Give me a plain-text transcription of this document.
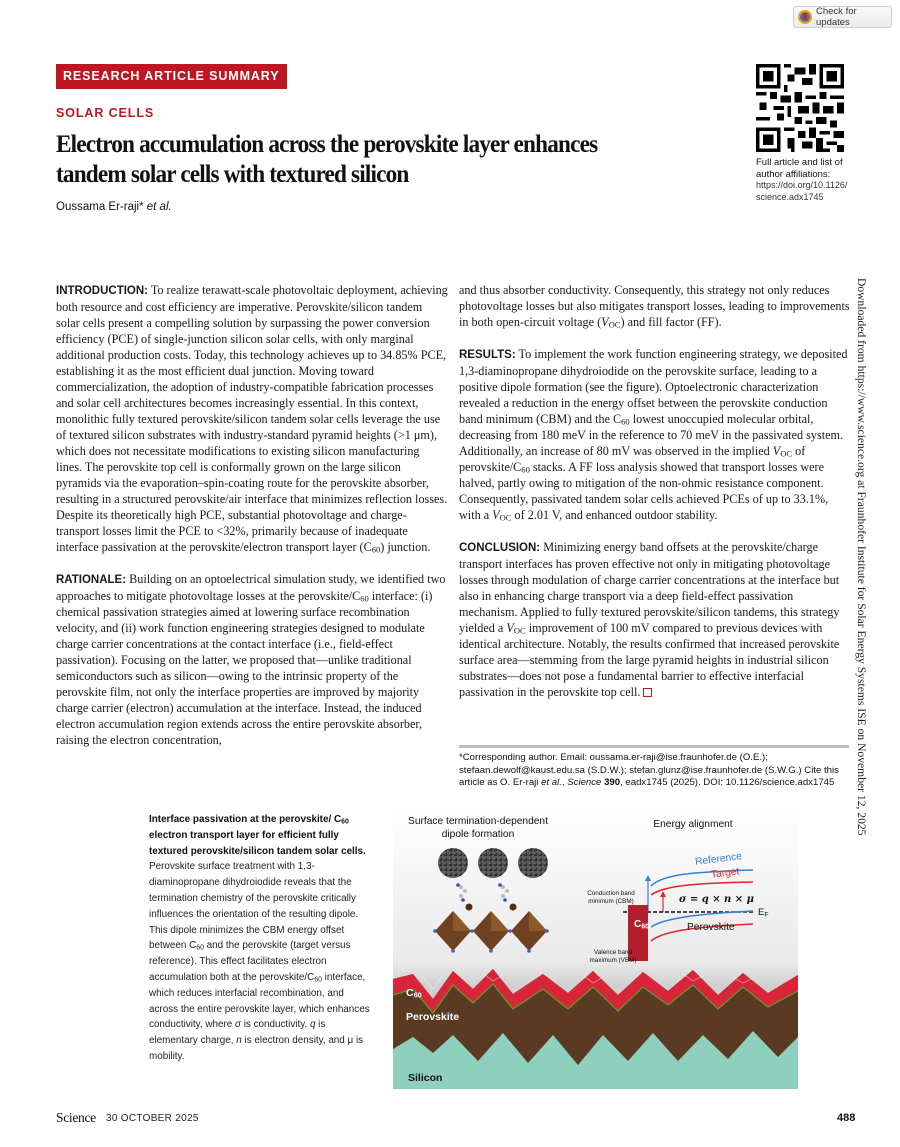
Check for updates
RESEARCH ARTICLE SUMMARY
SOLAR CELLS
Electron accumulation across the perovskite layer enhances tandem solar cells with textured silicon
Oussama Er-raji* et al.
Full article and list of author affiliations:
https://doi.org/10.1126/
science.adx1745

INTRODUCTION: To realize terawatt-scale photovoltaic deployment, achieving both resource and cost efficiency are imperative. Perovskite/silicon tandem solar cells present a compelling solution by surpassing the power conversion efficiency (PCE) of single-junction silicon solar cells, with only marginal additional production costs. Today, this technology achieves up to 34.85% PCE, establishing it as the most efficient dual junction. Moving toward commercialization, the adoption of industry-compatible fabrication processes and solar cell architectures becomes increasingly essential. In this context, monolithic fully textured perovskite/silicon tandem solar cells leverage the use of textured silicon substrates with industry-standard pyramid heights (>1 μm), which does not necessitate modifications to existing silicon manufacturing lines. The perovskite top cell is conformally grown on the large silicon pyramids via the evaporation–spin-coating route for the perovskite absorber, resulting in a structured perovskite/air interface that minimizes reflection losses. Despite its theoretically high PCE, substantial photovoltage and charge-transport losses limit the PCE to <32%, primarily because of inadequate interface passivation at the perovskite/electron transport layer $(C_{60})$ junction.

RATIONALE: Building on an optoelectrical simulation study, we identified two approaches to mitigate photovoltage losses at the perovskite/$C_{60}$ interface: (i) chemical passivation strategies aimed at lowering surface recombination velocity, and (ii) work function engineering strategies designed to modulate charge carrier concentrations at the contact interface (i.e., field-effect passivation). Focusing on the latter, we proposed that—unlike traditional semiconductors such as silicon—owing to the intrinsic property of the perovskite film, not only the interface properties are improved by majority charge carrier (electron) accumulation at the interface. Instead, the induced electron accumulation region extends across the entire perovskite absorber, raising the electron concentration,

and thus absorber conductivity. Consequently, this strategy not only reduces photovoltage losses but also mitigates transport losses, leading to improvements in both open-circuit voltage $(V_{OC})$ and fill factor (FF).

RESULTS: To implement the work function engineering strategy, we deposited 1,3-diaminopropane dihydroiodide on the perovskite surface, leading to a positive dipole formation (see the figure). Optoelectronic characterization revealed a reduction in the energy offset between the perovskite conduction band minimum (CBM) and the $C_{60}$ lowest unoccupied molecular orbital, decreasing from 180 meV in the reference to 70 meV in the passivated system. Additionally, an increase of 80 mV was observed in the implied $V_{OC}$ of perovskite/$C_{60}$ stacks. A FF loss analysis showed that transport losses were halved, partly owing to mitigation of the non-ohmic resistance component. Consequently, passivated tandem solar cells achieved PCEs of up to 33.1%, with a $V_{OC}$ of 2.01 V, and enhanced outdoor stability.

CONCLUSION: Minimizing energy band offsets at the perovskite/charge transport interfaces has proven effective not only in mitigating photovoltage losses through modulation of charge carrier concentrations at the interface but also in enhancing charge transport via a deep field-effect passivation mechanism. Applied to fully textured perovskite/silicon tandems, this strategy yielded a $V_{OC}$ improvement of 100 mV compared to previous devices with identical architecture. Notably, the results confirmed that increased perovskite surface area—stemming from the large pyramid heights in industrial silicon substrates—does not pose a fundamental barrier to effective interfacial passivation in the perovskite top cell.

*Corresponding author. Email: oussama.er-raji@ise.fraunhofer.de (O.E.); stefaan.dewolf@kaust.edu.sa (S.D.W.); stefan.glunz@ise.fraunhofer.de (S.W.G.) Cite this article as O. Er-raji et al., Science 390, eadx1745 (2025). DOI: 10.1126/science.adx1745	Downloaded from https://www.science.org at Fraunhofer Institute for Solar Energy Systems ISE on November 12, 2025
Interface passivation at the perovskite/ $C_{60}$ electron transport layer for efficient fully textured perovskite/silicon tandem solar cells. Perovskite surface treatment with 1,3-diaminopropane dihydroiodide reveals that the termination chemistry of the perovskite critically influences the orientation of the resulting dipole. This dipole minimizes the CBM energy offset between $C_{60}$ and the perovskite (target versus reference). This effect facilitates electron accumulation both at the perovskite/$C_{60}$ interface, which reduces interfacial recombination, and across the entire perovskite layer, which enhances conductivity, where σ is conductivity, q is elementary charge, n is electron density, and μ is mobility.
Surface termination-dependent
dipole formation
Energy alignment
Reference
Target
σ = q × n × μ
$E_F$
Conduction band
minimum (CBM)
Valence band
maximum (VBM)
$C_{60}$	Perovskite
$C_{60}$
Perovskite
Silicon
Science 30 OCTOBER 2025	488
